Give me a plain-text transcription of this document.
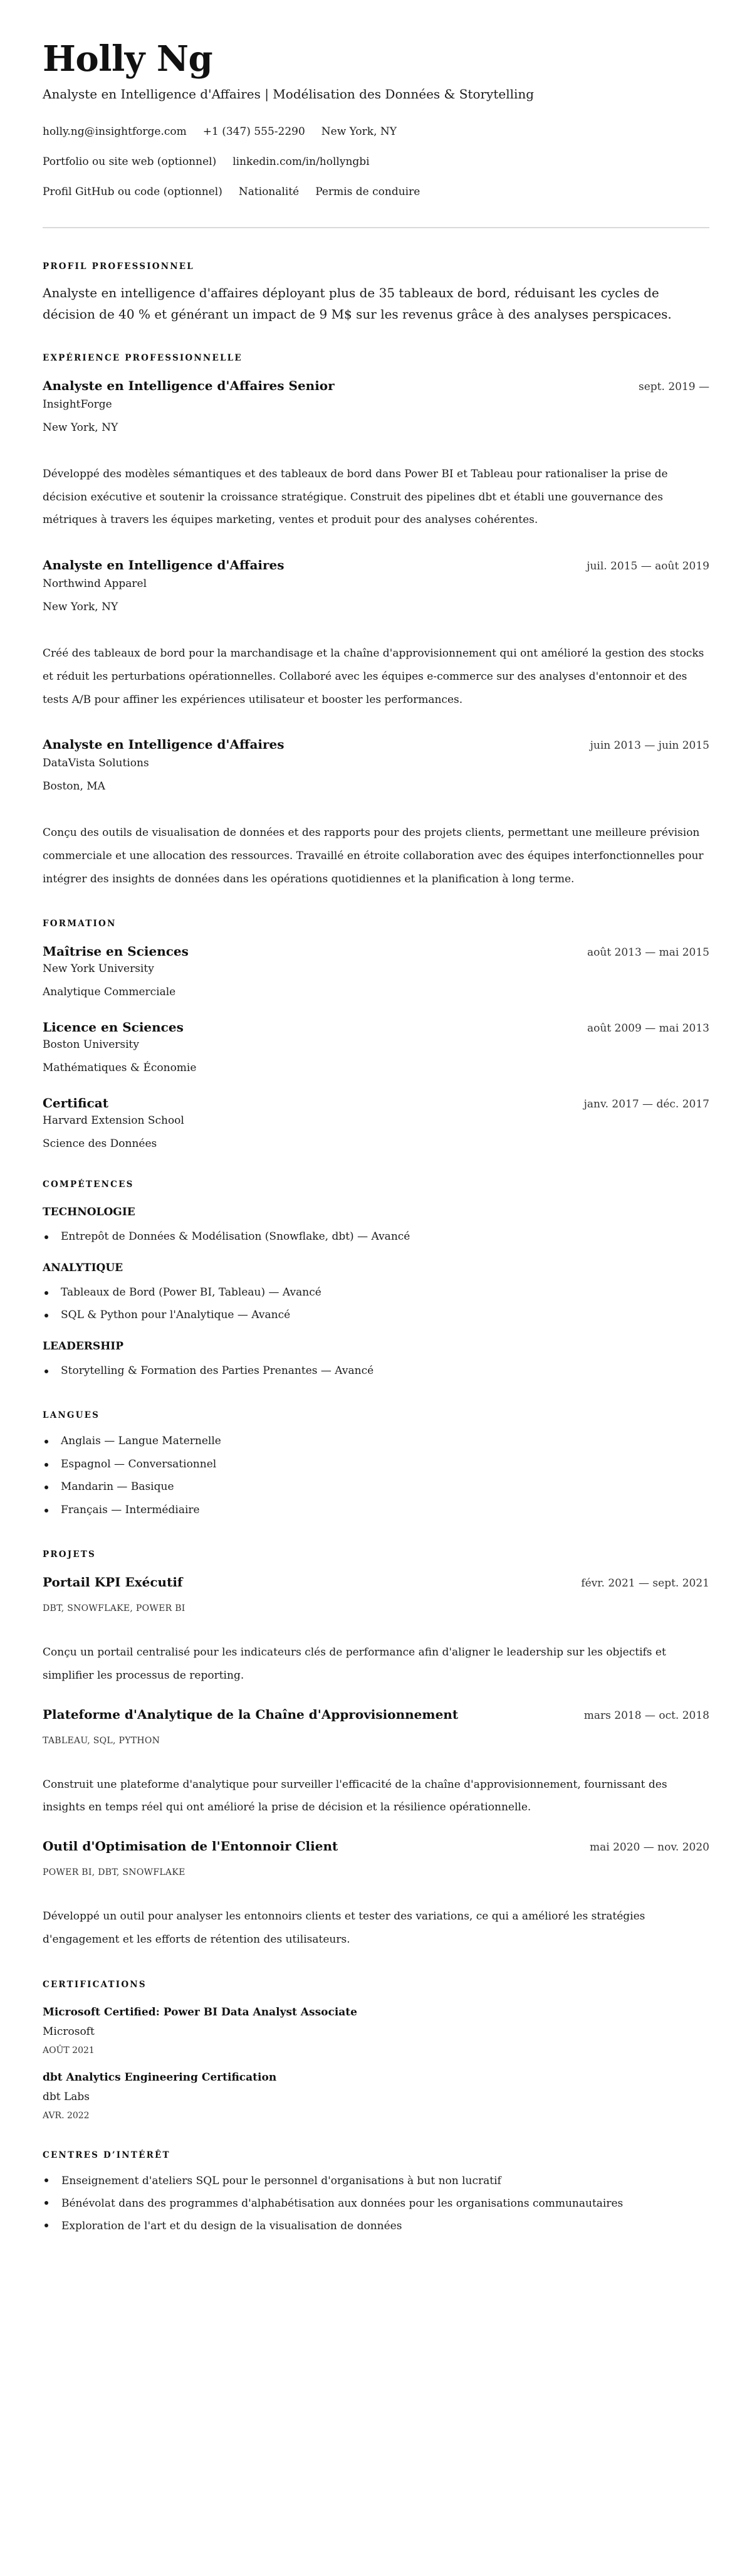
Holly Ng
Analyste en Intelligence d'Affaires | Modélisation des Données & Storytelling
holly.ng@insightforge.com +1 (347) 555-2290 New York, NY
Portfolio ou site web (optionnel) linkedin.com/in/hollyngbi
Profil GitHub ou code (optionnel) Nationalité Permis de conduire
PROFIL PROFESSIONNEL

Analyste en intelligence d'affaires déployant plus de 35 tableaux de bord, réduisant les cycles de décision de 40 % et générant un impact de 9 M$ sur les revenus grâce à des analyses perspicaces.

EXPÉRIENCE PROFESSIONNELLE
Analyste en Intelligence d'Affaires Senior	sept. 2019 —
InsightForge
New York, NY

Développé des modèles sémantiques et des tableaux de bord dans Power BI et Tableau pour rationaliser la prise de décision exécutive et soutenir la croissance stratégique. Construit des pipelines dbt et établi une gouvernance des métriques à travers les équipes marketing, ventes et produit pour des analyses cohérentes.

Analyste en Intelligence d'Affaires	juil. 2015 — août 2019
Northwind Apparel
New York, NY

Créé des tableaux de bord pour la marchandisage et la chaîne d'approvisionnement qui ont amélioré la gestion des stocks et réduit les perturbations opérationnelles. Collaboré avec les équipes e-commerce sur des analyses d'entonnoir et des tests A/B pour affiner les expériences utilisateur et booster les performances.

Analyste en Intelligence d'Affaires	juin 2013 — juin 2015
DataVista Solutions
Boston, MA

Conçu des outils de visualisation de données et des rapports pour des projets clients, permettant une meilleure prévision commerciale et une allocation des ressources. Travaillé en étroite collaboration avec des équipes interfonctionnelles pour intégrer des insights de données dans les opérations quotidiennes et la planification à long terme.

FORMATION
Maîtrise en Sciences	août 2013 — mai 2015
New York University
Analytique Commerciale
Licence en Sciences	août 2009 — mai 2013
Boston University
Mathématiques & Économie
Certificat	janv. 2017 — déc. 2017
Harvard Extension School
Science des Données
COMPÉTENCES
TECHNOLOGIE
Entrepôt de Données & Modélisation (Snowflake, dbt) — Avancé
ANALYTIQUE
Tableaux de Bord (Power BI, Tableau) — Avancé
SQL & Python pour l'Analytique — Avancé
LEADERSHIP
Storytelling & Formation des Parties Prenantes — Avancé
LANGUES
Anglais — Langue Maternelle
Espagnol — Conversationnel
Mandarin — Basique
Français — Intermédiaire
PROJETS
Portail KPI Exécutif	févr. 2021 — sept. 2021
DBT, SNOWFLAKE, POWER BI

Conçu un portail centralisé pour les indicateurs clés de performance afin d'aligner le leadership sur les objectifs et simplifier les processus de reporting.

Plateforme d'Analytique de la Chaîne d'Approvisionnement	mars 2018 — oct. 2018
TABLEAU, SQL, PYTHON

Construit une plateforme d'analytique pour surveiller l'efficacité de la chaîne d'approvisionnement, fournissant des insights en temps réel qui ont amélioré la prise de décision et la résilience opérationnelle.

Outil d'Optimisation de l'Entonnoir Client	mai 2020 — nov. 2020
POWER BI, DBT, SNOWFLAKE

Développé un outil pour analyser les entonnoirs clients et tester des variations, ce qui a amélioré les stratégies d'engagement et les efforts de rétention des utilisateurs.

CERTIFICATIONS
Microsoft Certified: Power BI Data Analyst Associate
Microsoft
AOÛT 2021
dbt Analytics Engineering Certification
dbt Labs
AVR. 2022
CENTRES D’INTÉRÊT
Enseignement d'ateliers SQL pour le personnel d'organisations à but non lucratif
Bénévolat dans des programmes d'alphabétisation aux données pour les organisations communautaires
Exploration de l'art et du design de la visualisation de données
